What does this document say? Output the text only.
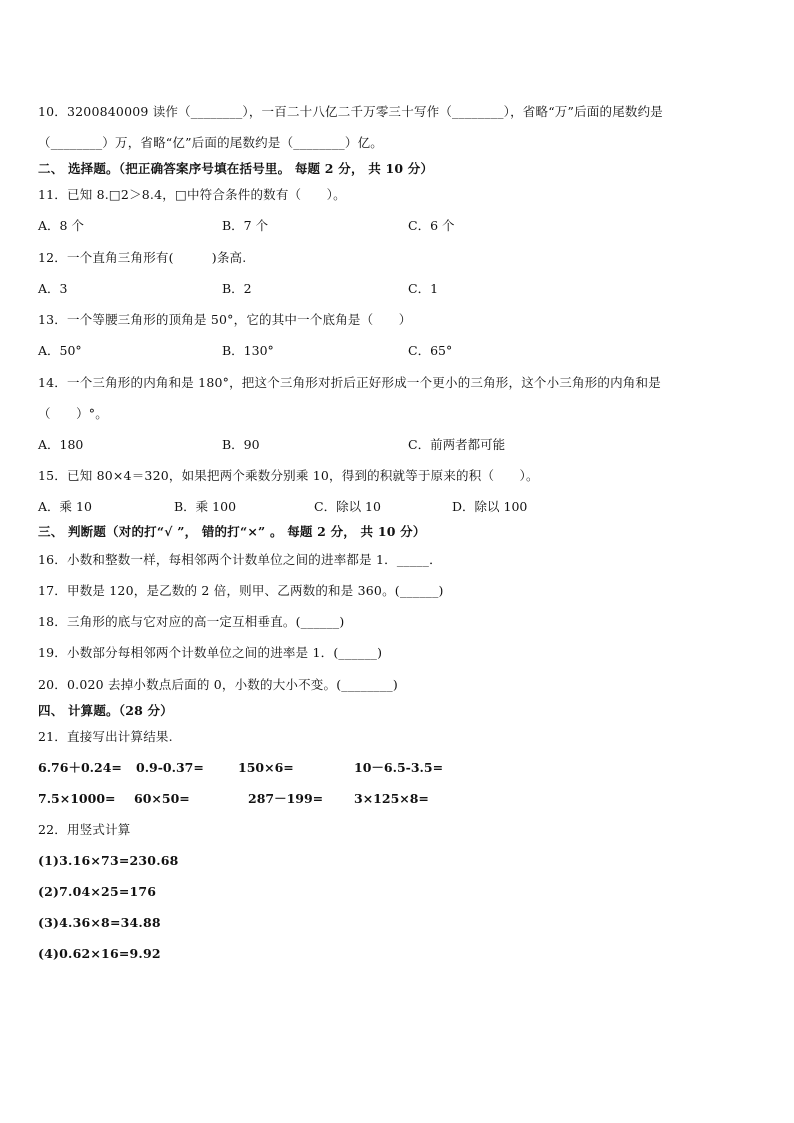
10．3200840009 读作（________），一百二十八亿二千万零三十写作（________），省略“万”后面的尾数约是
（________）万，省略“亿”后面的尾数约是（________）亿。
二、 选择题。（把正确答案序号填在括号里。 每题 2 分， 共 10 分）
11．已知 8.□2＞8.4，□中符合条件的数有（　　）。
A．8 个	B．7 个	C．6 个
12．一个直角三角形有(　　　)条高.
A．3	B．2	C．1
13．一个等腰三角形的顶角是 50°，它的其中一个底角是（　　）
A．50°	B．130°	C．65°
14．一个三角形的内角和是 180°，把这个三角形对折后正好形成一个更小的三角形，这个小三角形的内角和是
（　　）°。
A．180	B．90	C．前两者都可能
15．已知 80×4＝320，如果把两个乘数分别乘 10，得到的积就等于原来的积（　　）。
A．乘 10	B．乘 100	C．除以 10	D．除以 100
三、 判断题（对的打“√ ”， 错的打“×” 。 每题 2 分， 共 10 分）
16．小数和整数一样，每相邻两个计数单位之间的进率都是 1．_____．
17．甲数是 120，是乙数的 2 倍，则甲、乙两数的和是 360。(______)
18．三角形的底与它对应的高一定互相垂直。(______)
19．小数部分每相邻两个计数单位之间的进率是 1．(______)
20．0.020 去掉小数点后面的 0，小数的大小不变。(________)
四、 计算题。（28 分）
21．直接写出计算结果.
6.76＋0.24= 0.9-0.37=	150×6=	10－6.5-3.5=
7.5×1000= 60×50=	287－199= 3×125×8=
22．用竖式计算
(1)3.16×73=230.68
(2)7.04×25=176
(3)4.36×8=34.88
(4)0.62×16=9.92
